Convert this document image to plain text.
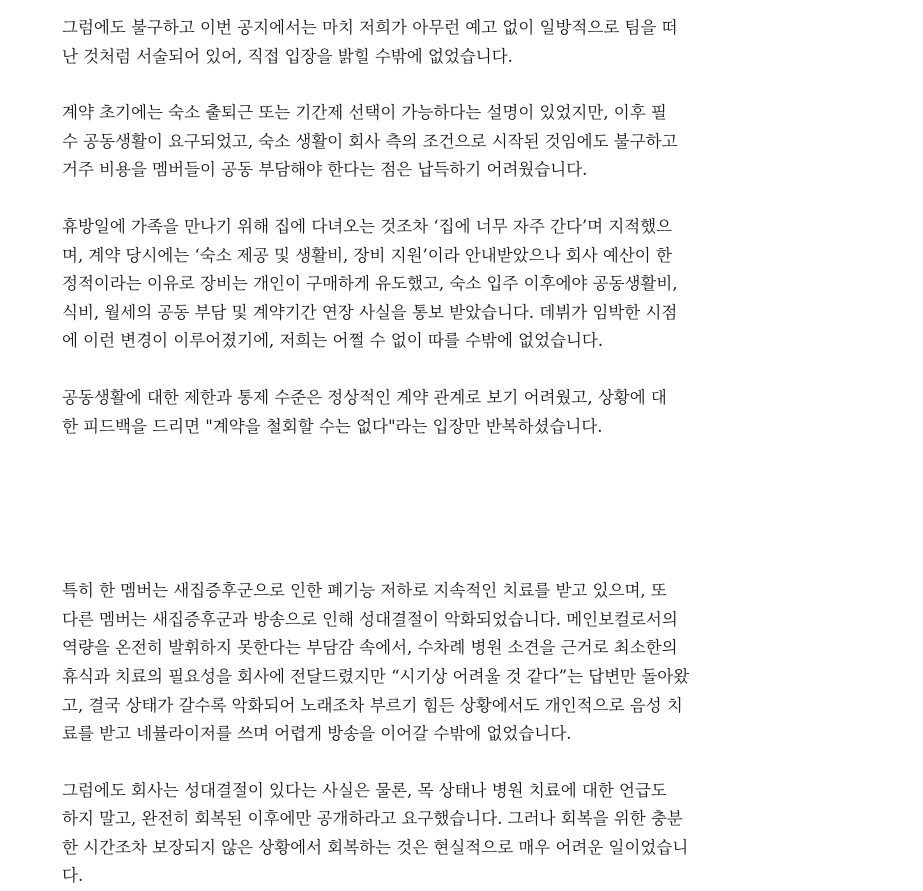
그럼에도 불구하고 이번 공지에서는 마치 저희가 아무런 예고 없이 일방적으로 팀을 떠
난 것처럼 서술되어 있어, 직접 입장을 밝힐 수밖에 없었습니다.

계약 초기에는 숙소 출퇴근 또는 기간제 선택이 가능하다는 설명이 있었지만, 이후 필
수 공동생활이 요구되었고, 숙소 생활이 회사 측의 조건으로 시작된 것임에도 불구하고
거주 비용을 멤버들이 공동 부담해야 한다는 점은 납득하기 어려웠습니다.

휴방일에 가족을 만나기 위해 집에 다녀오는 것조차 ‘집에 너무 자주 간다’며 지적했으
며, 계약 당시에는 ‘숙소 제공 및 생활비, 장비 지원’이라 안내받았으나 회사 예산이 한
정적이라는 이유로 장비는 개인이 구매하게 유도했고, 숙소 입주 이후에야 공동생활비,
식비, 월세의 공동 부담 및 계약기간 연장 사실을 통보 받았습니다. 데뷔가 임박한 시점
에 이런 변경이 이루어졌기에, 저희는 어쩔 수 없이 따를 수밖에 없었습니다.

공동생활에 대한 제한과 통제 수준은 정상적인 계약 관계로 보기 어려웠고, 상황에 대
한 피드백을 드리면 "계약을 철회할 수는 없다"라는 입장만 반복하셨습니다.

특히 한 멤버는 새집증후군으로 인한 폐기능 저하로 지속적인 치료를 받고 있으며, 또
다른 멤버는 새집증후군과 방송으로 인해 성대결절이 악화되었습니다. 메인보컬로서의
역량을 온전히 발휘하지 못한다는 부담감 속에서, 수차례 병원 소견을 근거로 최소한의
휴식과 치료의 필요성을 회사에 전달드렸지만 “시기상 어려울 것 같다”는 답변만 돌아왔
고, 결국 상태가 갈수록 악화되어 노래조차 부르기 힘든 상황에서도 개인적으로 음성 치
료를 받고 네뷸라이저를 쓰며 어렵게 방송을 이어갈 수밖에 없었습니다.

그럼에도 회사는 성대결절이 있다는 사실은 물론, 목 상태나 병원 치료에 대한 언급도
하지 말고, 완전히 회복된 이후에만 공개하라고 요구했습니다. 그러나 회복을 위한 충분
한 시간조차 보장되지 않은 상황에서 회복하는 것은 현실적으로 매우 어려운 일이었습니
다.
